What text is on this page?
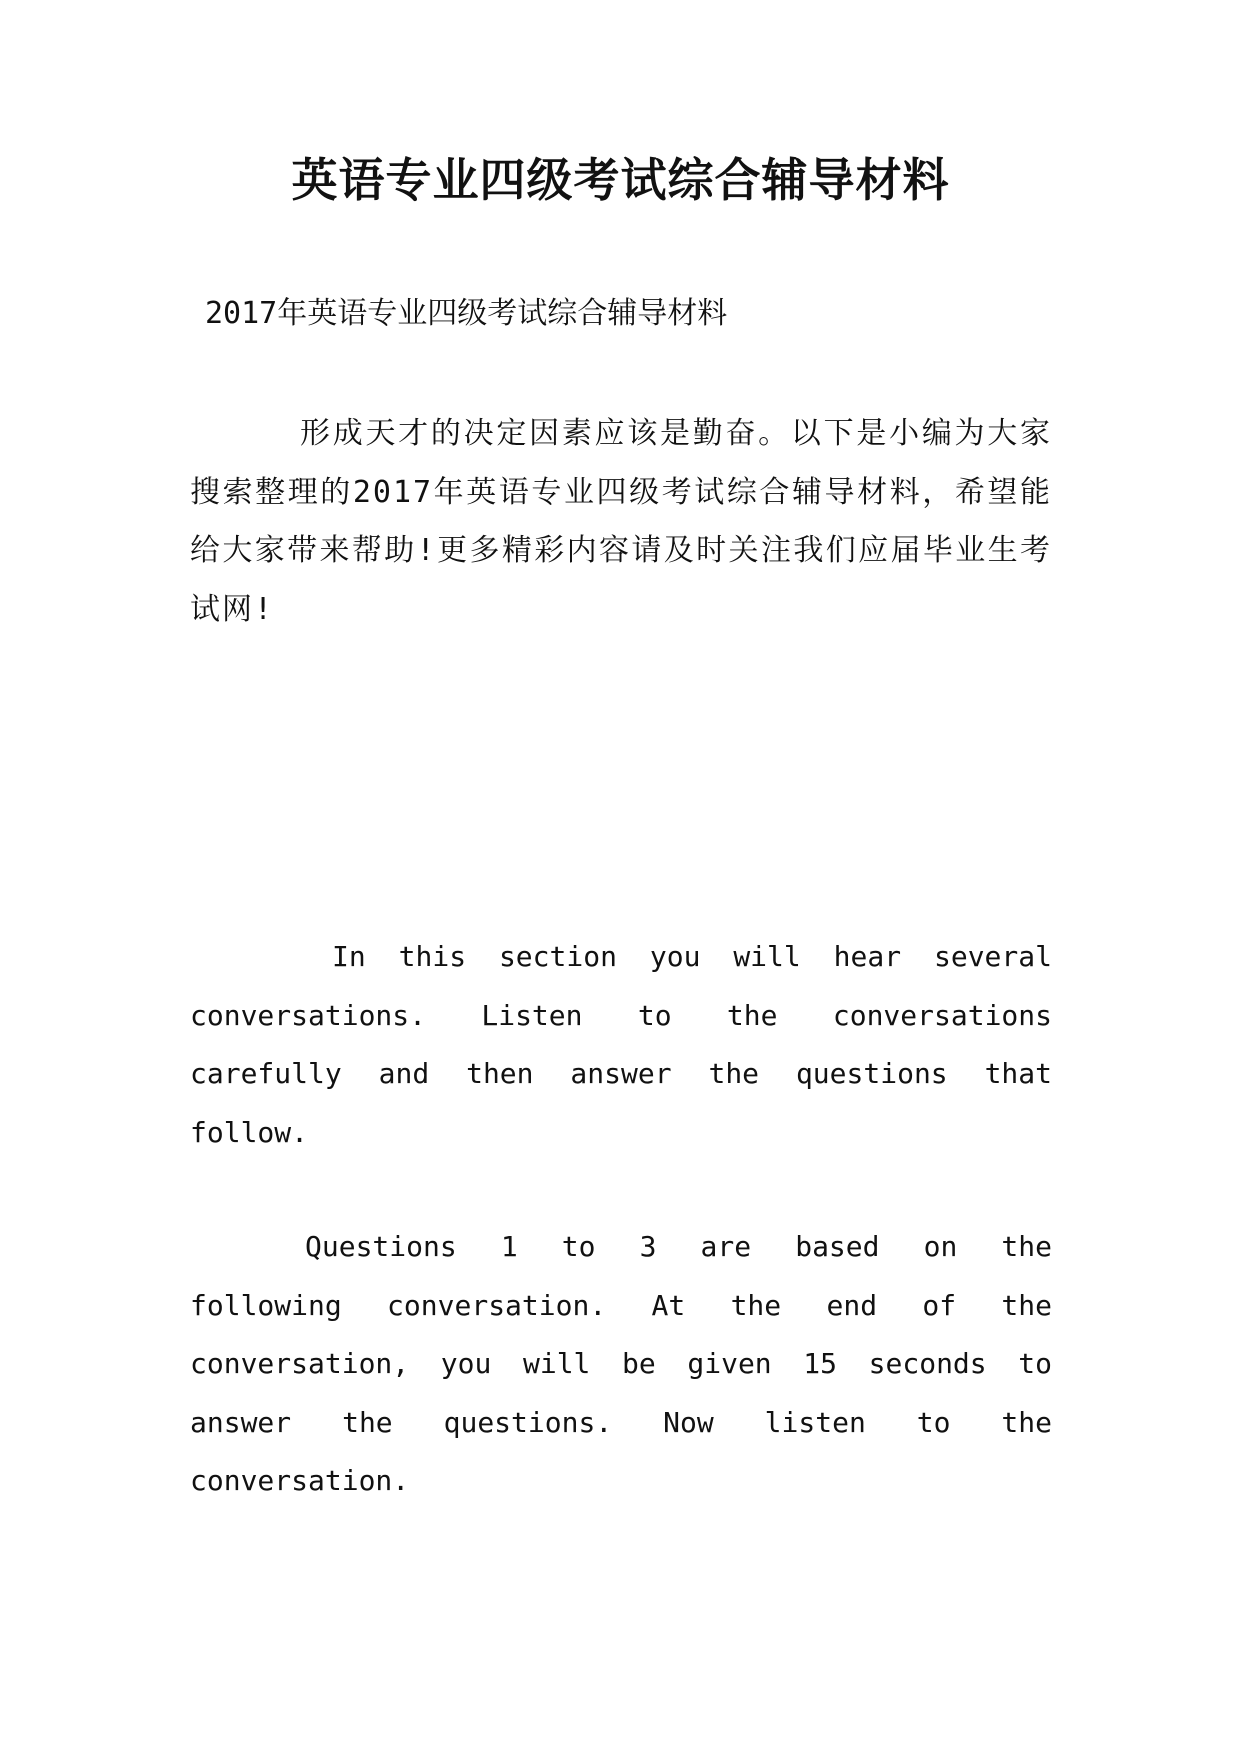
英语专业四级考试综合辅导材料
2017年英语专业四级考试综合辅导材料
形成天才的决定因素应该是勤奋。以下是小编为大家搜索整理的2017年英语专业四级考试综合辅导材料，希望能给大家带来帮助!更多精彩内容请及时关注我们应届毕业生考试网!
In this section you will hear several conversations. Listen to the conversations carefully and then answer the questions that follow.
Questions 1 to 3 are based on the following conversation. At the end of the conversation, you will be given 15 seconds to answer the questions. Now listen to the conversation.
